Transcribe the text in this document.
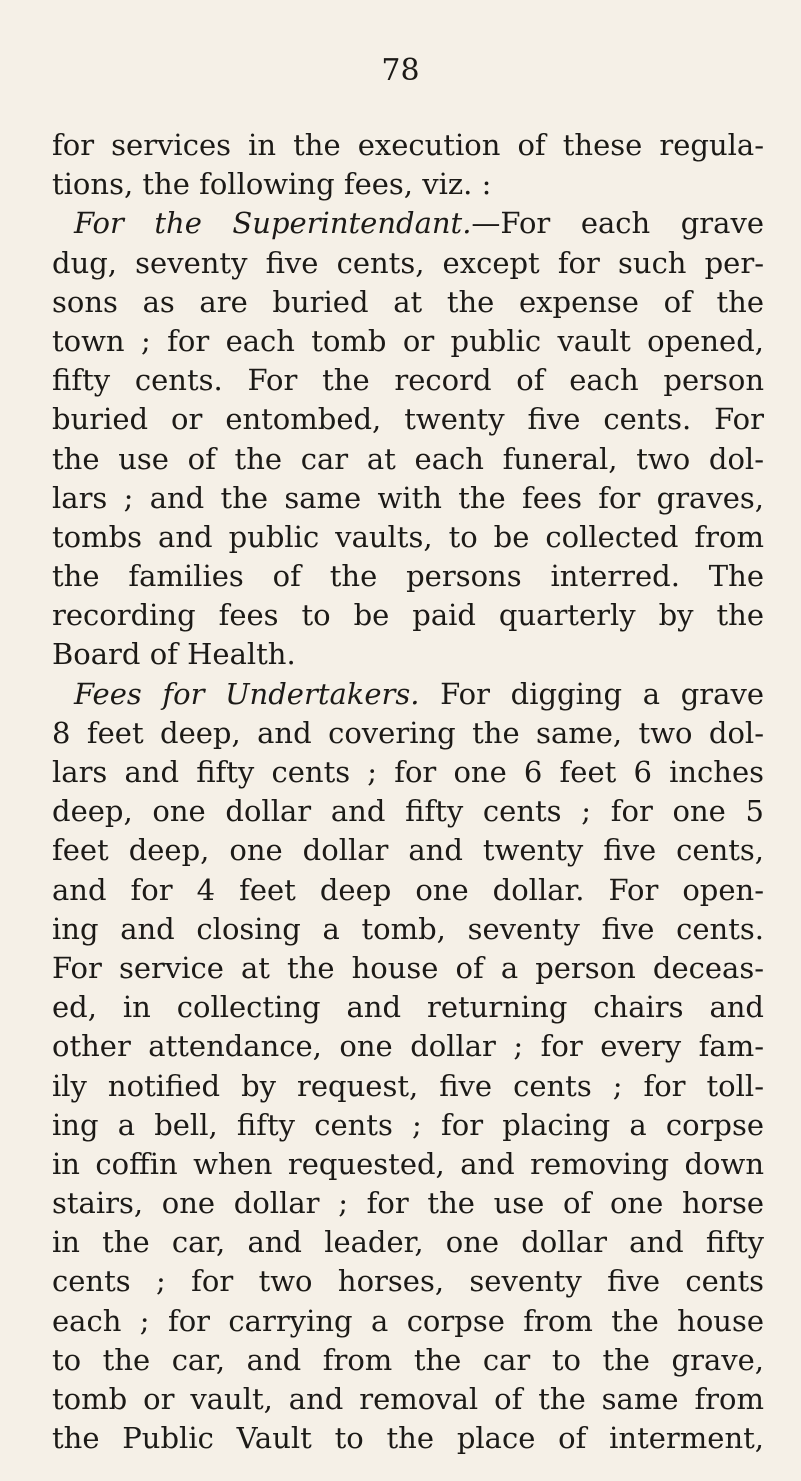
78
for services in the execution of these regula-
tions, the following fees, viz. :
For the Superintendant.—For each grave
dug, seventy five cents, except for such per-
sons as are buried at the expense of the
town ; for each tomb or public vault opened,
fifty cents. For the record of each person
buried or entombed, twenty five cents. For
the use of the car at each funeral, two dol-
lars ; and the same with the fees for graves,
tombs and public vaults, to be collected from
the families of the persons interred. The
recording fees to be paid quarterly by the
Board of Health.
Fees for Undertakers. For digging a grave
8 feet deep, and covering the same, two dol-
lars and fifty cents ; for one 6 feet 6 inches
deep, one dollar and fifty cents ; for one 5
feet deep, one dollar and twenty five cents,
and for 4 feet deep one dollar. For open-
ing and closing a tomb, seventy five cents.
For service at the house of a person deceas-
ed, in collecting and returning chairs and
other attendance, one dollar ; for every fam-
ily notified by request, five cents ; for toll-
ing a bell, fifty cents ; for placing a corpse
in coffin when requested, and removing down
stairs, one dollar ; for the use of one horse
in the car, and leader, one dollar and fifty
cents ; for two horses, seventy five cents
each ; for carrying a corpse from the house
to the car, and from the car to the grave,
tomb or vault, and removal of the same from
the Public Vault to the place of interment,
